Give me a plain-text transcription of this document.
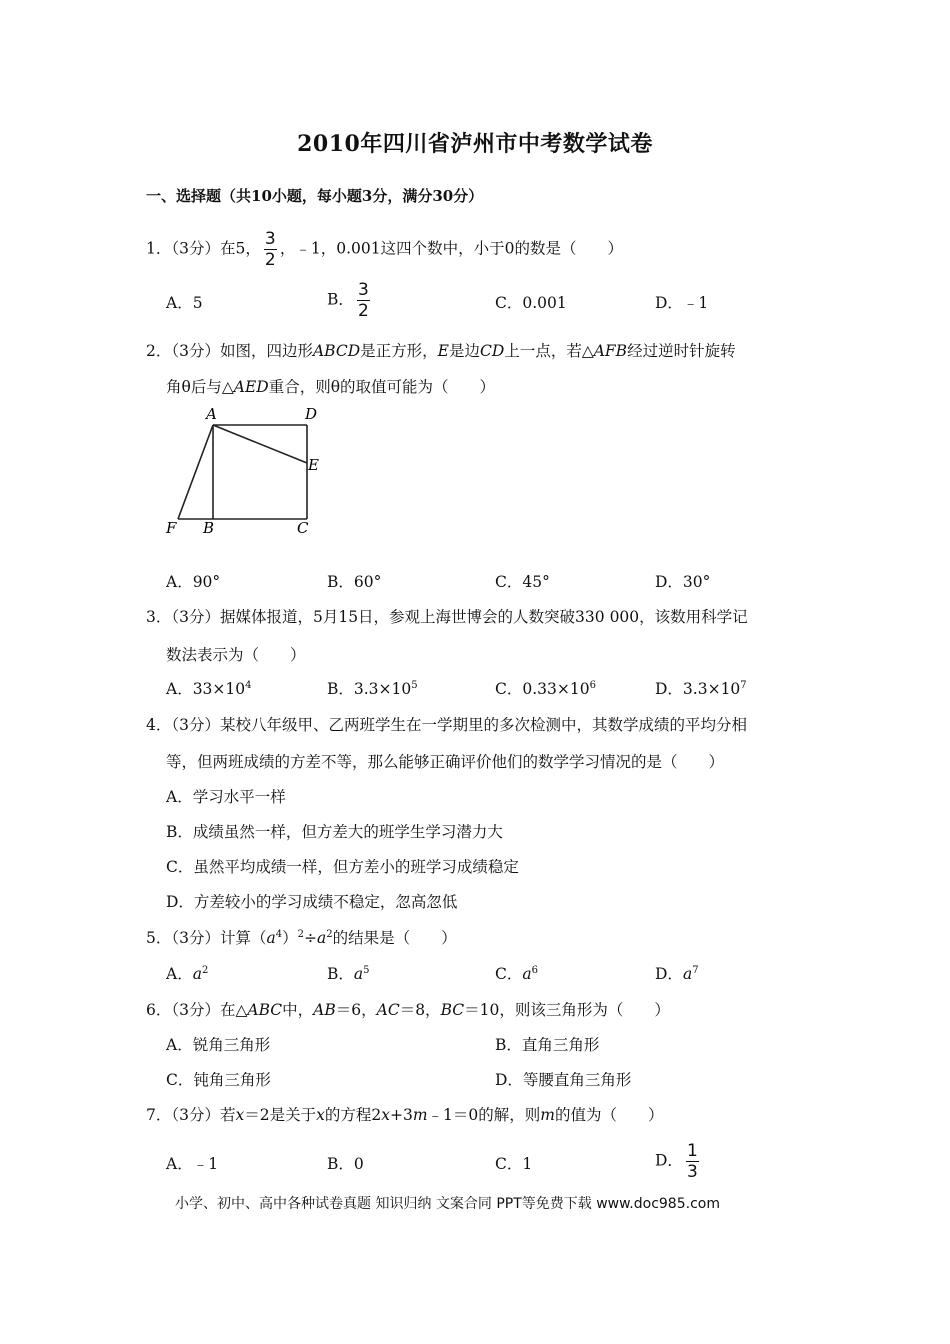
2010年四川省泸州市中考数学试卷
一、选择题（共10小题，每小题3分，满分30分）
1．（3分）在5， $\frac{3}{2}$ ，﹣1，0.001这四个数中，小于0的数是（　　）
A．5	B． $\frac{3}{2}$	C．0.001	D．﹣1
2．（3分）如图，四边形ABCD是正方形，E是边CD上一点，若△AFB经过逆时针旋转
角θ后与△AED重合，则θ的取值可能为（　　）
A	D
E
F B	C
A．90°	B．60°	C．45°	D．30°
3．（3分）据媒体报道，5月15日，参观上海世博会的人数突破330 000，该数用科学记
数法表示为（　　）
A．$33\times 10^4$	B．$3.3\times 10^5$	C．$0.33\times 10^6$	D．$3.3\times 10^7$
4．（3分）某校八年级甲、乙两班学生在一学期里的多次检测中，其数学成绩的平均分相
等，但两班成绩的方差不等，那么能够正确评价他们的数学学习情况的是（　　）
A．学习水平一样
B．成绩虽然一样，但方差大的班学生学习潜力大
C．虽然平均成绩一样，但方差小的班学习成绩稳定
D．方差较小的学习成绩不稳定，忽高忽低
5．（3分）计算$(a^4)^2\div a^2$的结果是（　　）
A．$a^2$	B．$a^5$	C．$a^6$	D．$a^7$
6．（3分）在△ABC中，AB＝6，AC＝8，BC＝10，则该三角形为（　　）
A．锐角三角形	B．直角三角形
C．钝角三角形	D．等腰直角三角形
7．（3分）若x＝2是关于x的方程2x+3m﹣1＝0的解，则m的值为（　　）
A．﹣1	B．0	C．1	D． $\frac{1}{3}$
小学、初中、高中各种试卷真题 知识归纳 文案合同 PPT等免费下载 www.doc985.com
